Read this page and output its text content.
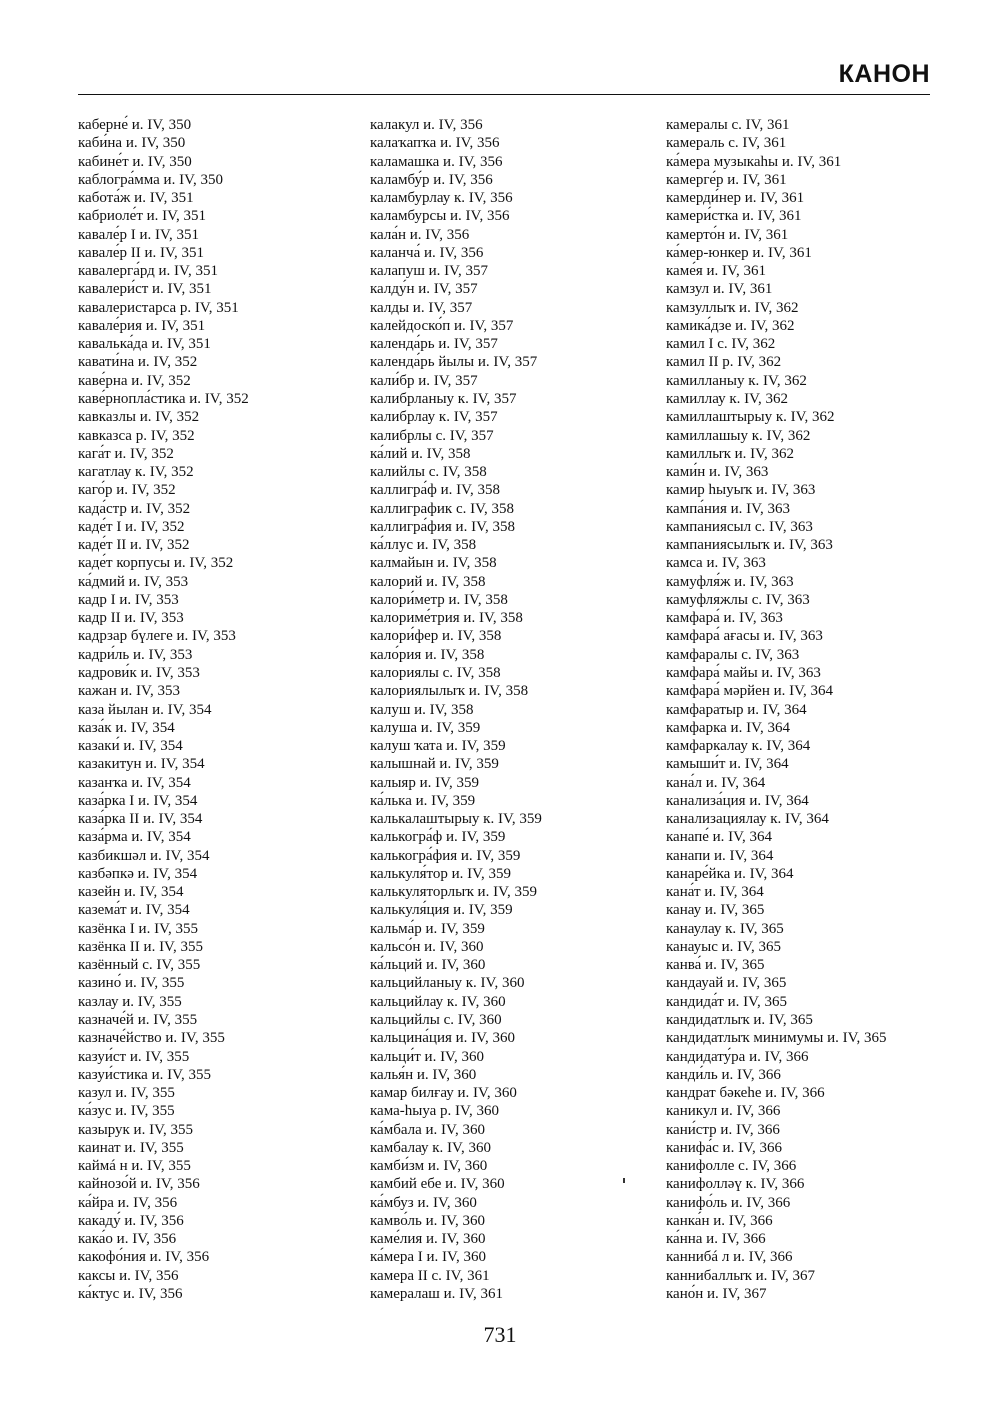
КАНОН
каберне́ и. IV, 350
каби́на и. IV, 350
кабине́т и. IV, 350
каблогра́мма и. IV, 350
кабота́ж и. IV, 351
кабриоле́т и. IV, 351
кавале́р I и. IV, 351
кавале́р II и. IV, 351
кавалерга́рд и. IV, 351
кавалери́ст и. IV, 351
кавалеристарса р. IV, 351
кавале́рия и. IV, 351
кавалька́да и. IV, 351
кавати́на и. IV, 352
каве́рна и. IV, 352
каве́рнопла́стика и. IV, 352
кавказлы и. IV, 352
кавказса р. IV, 352
кага́т и. IV, 352
кагатлау к. IV, 352
каго́р и. IV, 352
када́стр и. IV, 352
каде́т I и. IV, 352
каде́т II и. IV, 352
каде́т корпусы и. IV, 352
ка́дмий и. IV, 353
кадр I и. IV, 353
кадр II и. IV, 353
кадрзар бүлеге и. IV, 353
кадри́ль и. IV, 353
кадрови́к и. IV, 353
кажан и. IV, 353
каза йылан и. IV, 354
каза́к и. IV, 354
казаки́ и. IV, 354
казакитун и. IV, 354
казанҡа и. IV, 354
каза́рка I и. IV, 354
каза́рка II и. IV, 354
каза́рма и. IV, 354
казбикшәл и. IV, 354
казбәпкә и. IV, 354
казейн и. IV, 354
казема́т и. IV, 354
казёнка I и. IV, 355
казёнка II и. IV, 355
казённый с. IV, 355
казино́ и. IV, 355
казлау и. IV, 355
казначе́й и. IV, 355
казначе́йство и. IV, 355
казуи́ст и. IV, 355
казуи́стика и. IV, 355
казул и. IV, 355
ка́зус и. IV, 355
казырук и. IV, 355
каинат и. IV, 355
каймá н и. IV, 355
кайнозо́й и. IV, 356
ка́йра и. IV, 356
какаду́ и. IV, 356
кака́о и. IV, 356
какофо́ния и. IV, 356
каксы и. IV, 356
ка́ктус и. IV, 356
калакул и. IV, 356
калаҡапҡа и. IV, 356
каламашка и. IV, 356
каламбу́р и. IV, 356
каламбурлау к. IV, 356
каламбурсы и. IV, 356
кала́н и. IV, 356
каланча́ и. IV, 356
калапуш и. IV, 357
калду́н и. IV, 357
калды и. IV, 357
калейдоско́п и. IV, 357
календа́рь и. IV, 357
календа́рь йылы и. IV, 357
кали́бр и. IV, 357
калибрланыу к. IV, 357
калибрлау к. IV, 357
калибрлы с. IV, 357
ка́лий и. IV, 358
калийлы с. IV, 358
каллигра́ф и. IV, 358
каллиграфик с. IV, 358
каллигра́фия и. IV, 358
ка́ллус и. IV, 358
калмайын и. IV, 358
калорий и. IV, 358
калори́метр и. IV, 358
калориме́трия и. IV, 358
калори́фер и. IV, 358
кало́рия и. IV, 358
калориялы с. IV, 358
калориялылыҡ и. IV, 358
калуш и. IV, 358
калуша и. IV, 359
калуш ҡата и. IV, 359
калышнай и. IV, 359
калыяр и. IV, 359
ка́лька и. IV, 359
калькалаштырыу к. IV, 359
калькогра́ф и. IV, 359
калькогра́фия и. IV, 359
калькуля́тор и. IV, 359
калькуляторлыҡ и. IV, 359
калькуля́ция и. IV, 359
кальма́р и. IV, 359
кальсо́н и. IV, 360
ка́льций и. IV, 360
кальцийланыу к. IV, 360
кальцийлау к. IV, 360
кальцийлы с. IV, 360
кальцина́ция и. IV, 360
кальци́т и. IV, 360
калья́н и. IV, 360
камар билғау и. IV, 360
кама-һыуа р. IV, 360
ка́мбала и. IV, 360
камбалау к. IV, 360
камби́зм и. IV, 360
камбий ебе и. IV, 360
ка́мбуз и. IV, 360
камво́ль и. IV, 360
каме́лия и. IV, 360
ка́мера I и. IV, 360
камера II с. IV, 361
камералаш и. IV, 361
камералы с. IV, 361
камераль с. IV, 361
ка́мера музыкаһы и. IV, 361
камерге́р и. IV, 361
камерди́нер и. IV, 361
камери́стка и. IV, 361
камерто́н и. IV, 361
ка́мер-юнкер и. IV, 361
каме́я и. IV, 361
камзул и. IV, 361
камзуллыҡ и. IV, 362
камика́дзе и. IV, 362
камил I с. IV, 362
камил II р. IV, 362
камилланыу к. IV, 362
камиллау к. IV, 362
камиллаштырыу к. IV, 362
камиллашыу к. IV, 362
камиллыҡ и. IV, 362
ками́н и. IV, 363
камир һыуыҡ и. IV, 363
кампа́ния и. IV, 363
кампаниясыл с. IV, 363
кампаниясылыҡ и. IV, 363
камса и. IV, 363
камуфля́ж и. IV, 363
камуфляжлы с. IV, 363
камфара́ и. IV, 363
камфара́ ағасы и. IV, 363
камфаралы с. IV, 363
камфара́ майы и. IV, 363
камфара́ мәрйен и. IV, 364
камфаратыр и. IV, 364
камфарка и. IV, 364
камфаркалау к. IV, 364
камыши́т и. IV, 364
кана́л и. IV, 364
канализа́ция и. IV, 364
канализациялау к. IV, 364
канапе́ и. IV, 364
канапи и. IV, 364
канаре́йка и. IV, 364
кана́т и. IV, 364
канау и. IV, 365
канаулау к. IV, 365
канауыс и. IV, 365
канва́ и. IV, 365
кандауай и. IV, 365
кандида́т и. IV, 365
кандидатлыҡ и. IV, 365
кандидатлыҡ минимумы и. IV, 365
кандидату́ра и. IV, 366
канди́ль и. IV, 366
кандрат бәкеһе и. IV, 366
каникул и. IV, 366
кани́стр и. IV, 366
канифа́с и. IV, 366
канифолле с. IV, 366
канифолләү к. IV, 366
канифо́ль и. IV, 366
канка́н и. IV, 366
ка́нна и. IV, 366
каннибá л и. IV, 366
каннибаллыҡ и. IV, 367
кано́н и. IV, 367
731
